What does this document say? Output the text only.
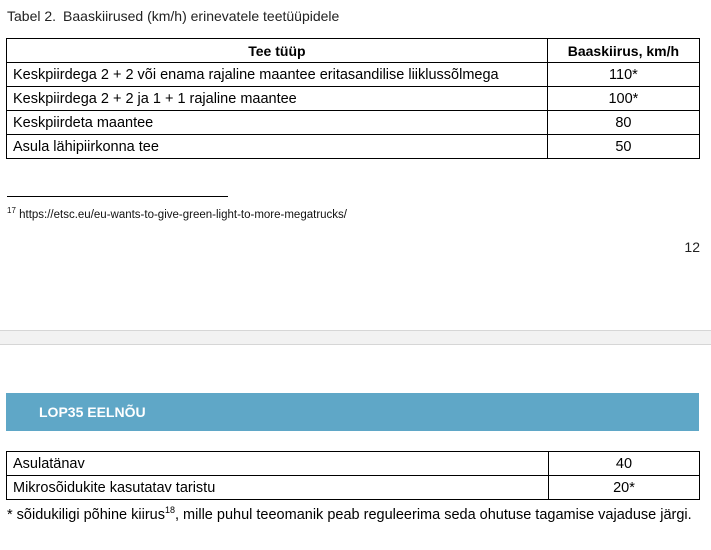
Tabel 2. Baaskiirused (km/h) erinevatele teetüüpidele
Tee tüüp	Baaskiirus, km/h
Keskpiirdega 2 + 2 või enama rajaline maantee eritasandilise liiklussõlmega	110*
Keskpiirdega 2 + 2 ja 1 + 1 rajaline maantee	100*
Keskpiirdeta maantee	80
Asula lähipiirkonna tee	50
$^{17}$ https://etsc.eu/eu-wants-to-give-green-light-to-more-megatrucks/
12
LOP35 EELNÕU
Asulatänav	40
Mikrosõidukite kasutatav taristu	20*
* sõidukiligi põhine kiirus$^{18}$, mille puhul teeomanik peab reguleerima seda ohutuse tagamise vajaduse järgi.
